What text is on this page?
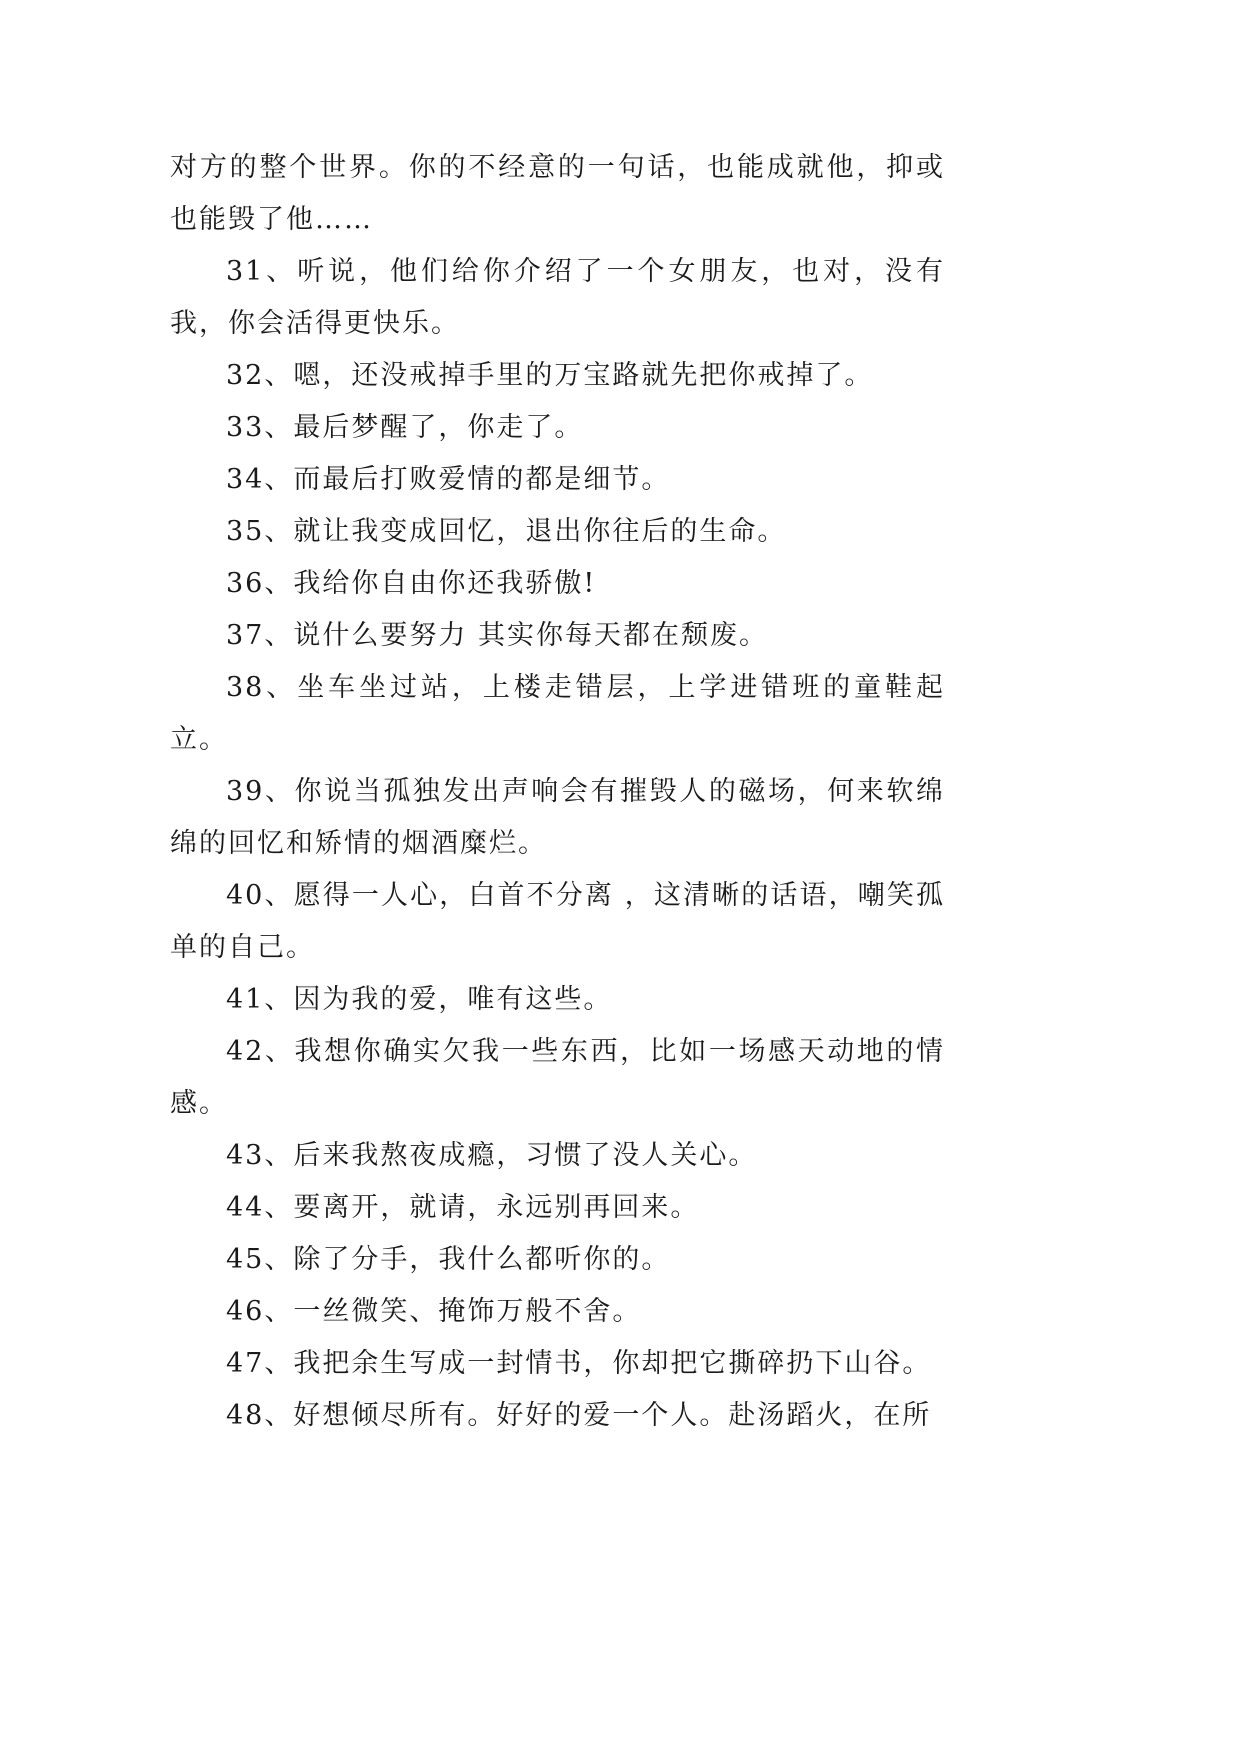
对方的整个世界。你的不经意的一句话，也能成就他，抑或也能毁了他……

31、听说，他们给你介绍了一个女朋友，也对，没有我，你会活得更快乐。

32、嗯，还没戒掉手里的万宝路就先把你戒掉了。

33、最后梦醒了，你走了。

34、而最后打败爱情的都是细节。

35、就让我变成回忆，退出你往后的生命。

36、我给你自由你还我骄傲!

37、说什么要努力 其实你每天都在颓废。

38、坐车坐过站，上楼走错层，上学进错班的童鞋起立。

39、你说当孤独发出声响会有摧毁人的磁场，何来软绵绵的回忆和矫情的烟酒糜烂。

40、愿得一人心，白首不分离 ，这清晰的话语，嘲笑孤单的自己。

41、因为我的爱，唯有这些。

42、我想你确实欠我一些东西，比如一场感天动地的情感。

43、后来我熬夜成瘾，习惯了没人关心。

44、要离开，就请，永远别再回来。

45、除了分手，我什么都听你的。

46、一丝微笑、掩饰万般不舍。

47、我把余生写成一封情书，你却把它撕碎扔下山谷。

48、好想倾尽所有。好好的爱一个人。赴汤蹈火，在所
